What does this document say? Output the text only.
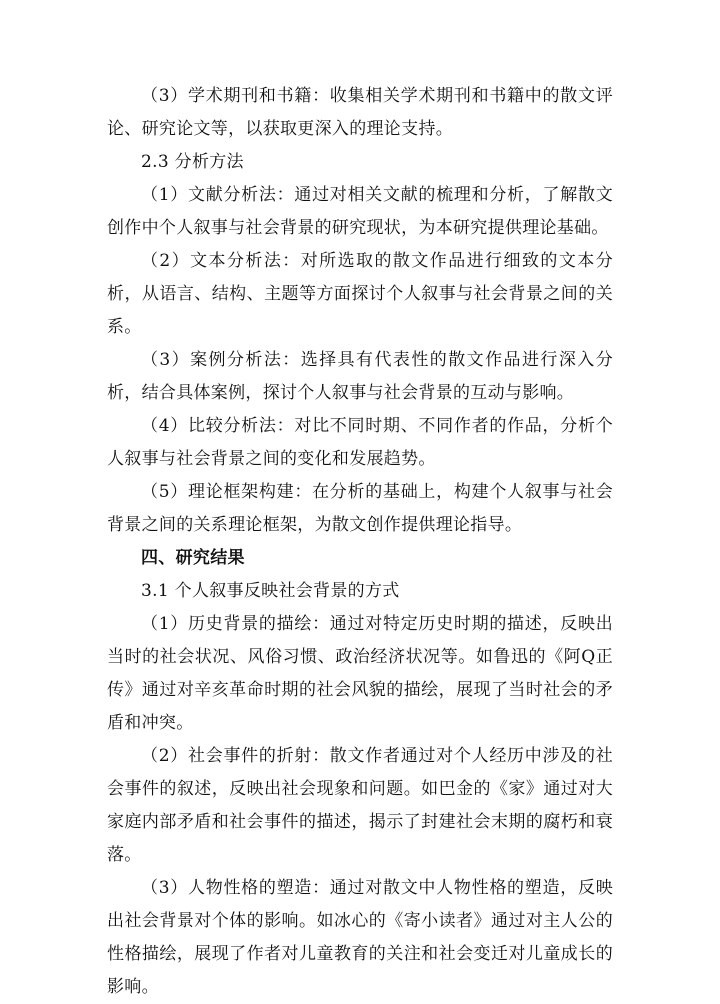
（3）学术期刊和书籍：收集相关学术期刊和书籍中的散文评论、研究论文等，以获取更深入的理论支持。

2.3 分析方法

（1）文献分析法：通过对相关文献的梳理和分析，了解散文创作中个人叙事与社会背景的研究现状，为本研究提供理论基础。

（2）文本分析法：对所选取的散文作品进行细致的文本分析，从语言、结构、主题等方面探讨个人叙事与社会背景之间的关系。

（3）案例分析法：选择具有代表性的散文作品进行深入分析，结合具体案例，探讨个人叙事与社会背景的互动与影响。

（4）比较分析法：对比不同时期、不同作者的作品，分析个人叙事与社会背景之间的变化和发展趋势。

（5）理论框架构建：在分析的基础上，构建个人叙事与社会背景之间的关系理论框架，为散文创作提供理论指导。

四、研究结果

3.1 个人叙事反映社会背景的方式

（1）历史背景的描绘：通过对特定历史时期的描述，反映出当时的社会状况、风俗习惯、政治经济状况等。如鲁迅的《阿Q正传》通过对辛亥革命时期的社会风貌的描绘，展现了当时社会的矛盾和冲突。

（2）社会事件的折射：散文作者通过对个人经历中涉及的社会事件的叙述，反映出社会现象和问题。如巴金的《家》通过对大家庭内部矛盾和社会事件的描述，揭示了封建社会末期的腐朽和衰落。

（3）人物性格的塑造：通过对散文中人物性格的塑造，反映出社会背景对个体的影响。如冰心的《寄小读者》通过对主人公的性格描绘，展现了作者对儿童教育的关注和社会变迁对儿童成长的影响。
